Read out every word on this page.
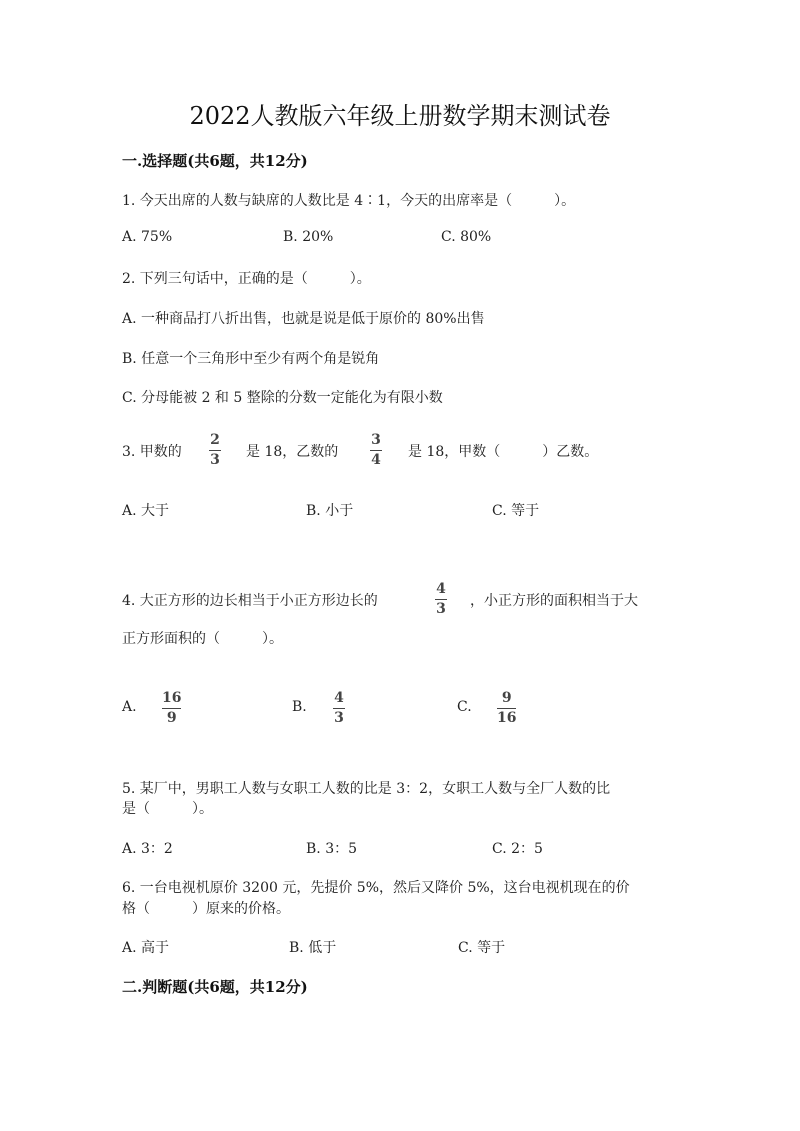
2022人教版六年级上册数学期末测试卷
一.选择题(共6题，共12分)
1. 今天出席的人数与缺席的人数比是 4∶1，今天的出席率是（　　　）。
A. 75%	B. 20%	C. 80%
2. 下列三句话中，正确的是（　　　）。
A. 一种商品打八折出售，也就是说是低于原价的 80%出售
B. 任意一个三角形中至少有两个角是锐角
C. 分母能被 2 和 5 整除的分数一定能化为有限小数
3. 甲数的
2
3 是 18，乙数的
3
4 是 18，甲数（　　　）乙数。
A. 大于	B. 小于	C. 等于
4. 大正方形的边长相当于小正方形边长的
4
3 ，小正方形的面积相当于大
正方形面积的（　　　）。
A.
16
9
B.
4
3
C.
9
16
5. 某厂中，男职工人数与女职工人数的比是 3：2，女职工人数与全厂人数的比
是（　　　）。
A. 3：2	B. 3：5	C. 2：5
6. 一台电视机原价 3200 元，先提价 5%，然后又降价 5%，这台电视机现在的价
格（　　　）原来的价格。
A. 高于	B. 低于	C. 等于
二.判断题(共6题，共12分)
